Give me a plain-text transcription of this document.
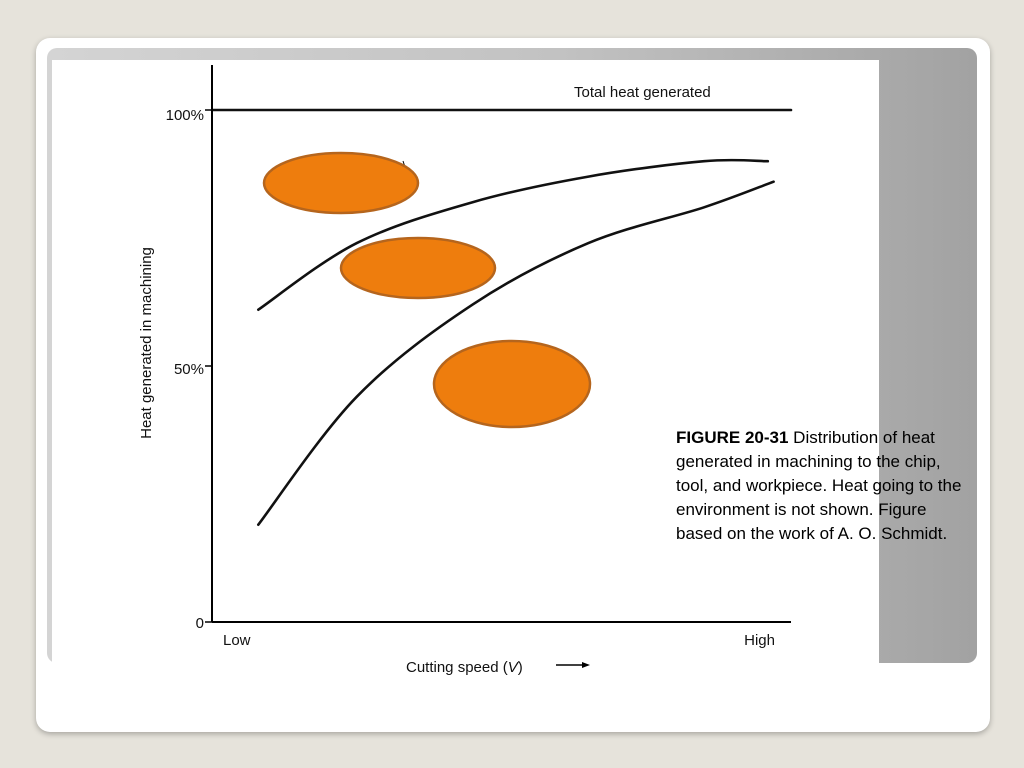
100%
50%
0
Low	High
Cutting speed (V)
Heat generated in machining
Total heat generated
FIGURE 20-31 Distribution of heat generated in machining to the chip, tool, and workpiece. Heat going to the environment is not shown. Figure based on the work of A. O. Schmidt.
